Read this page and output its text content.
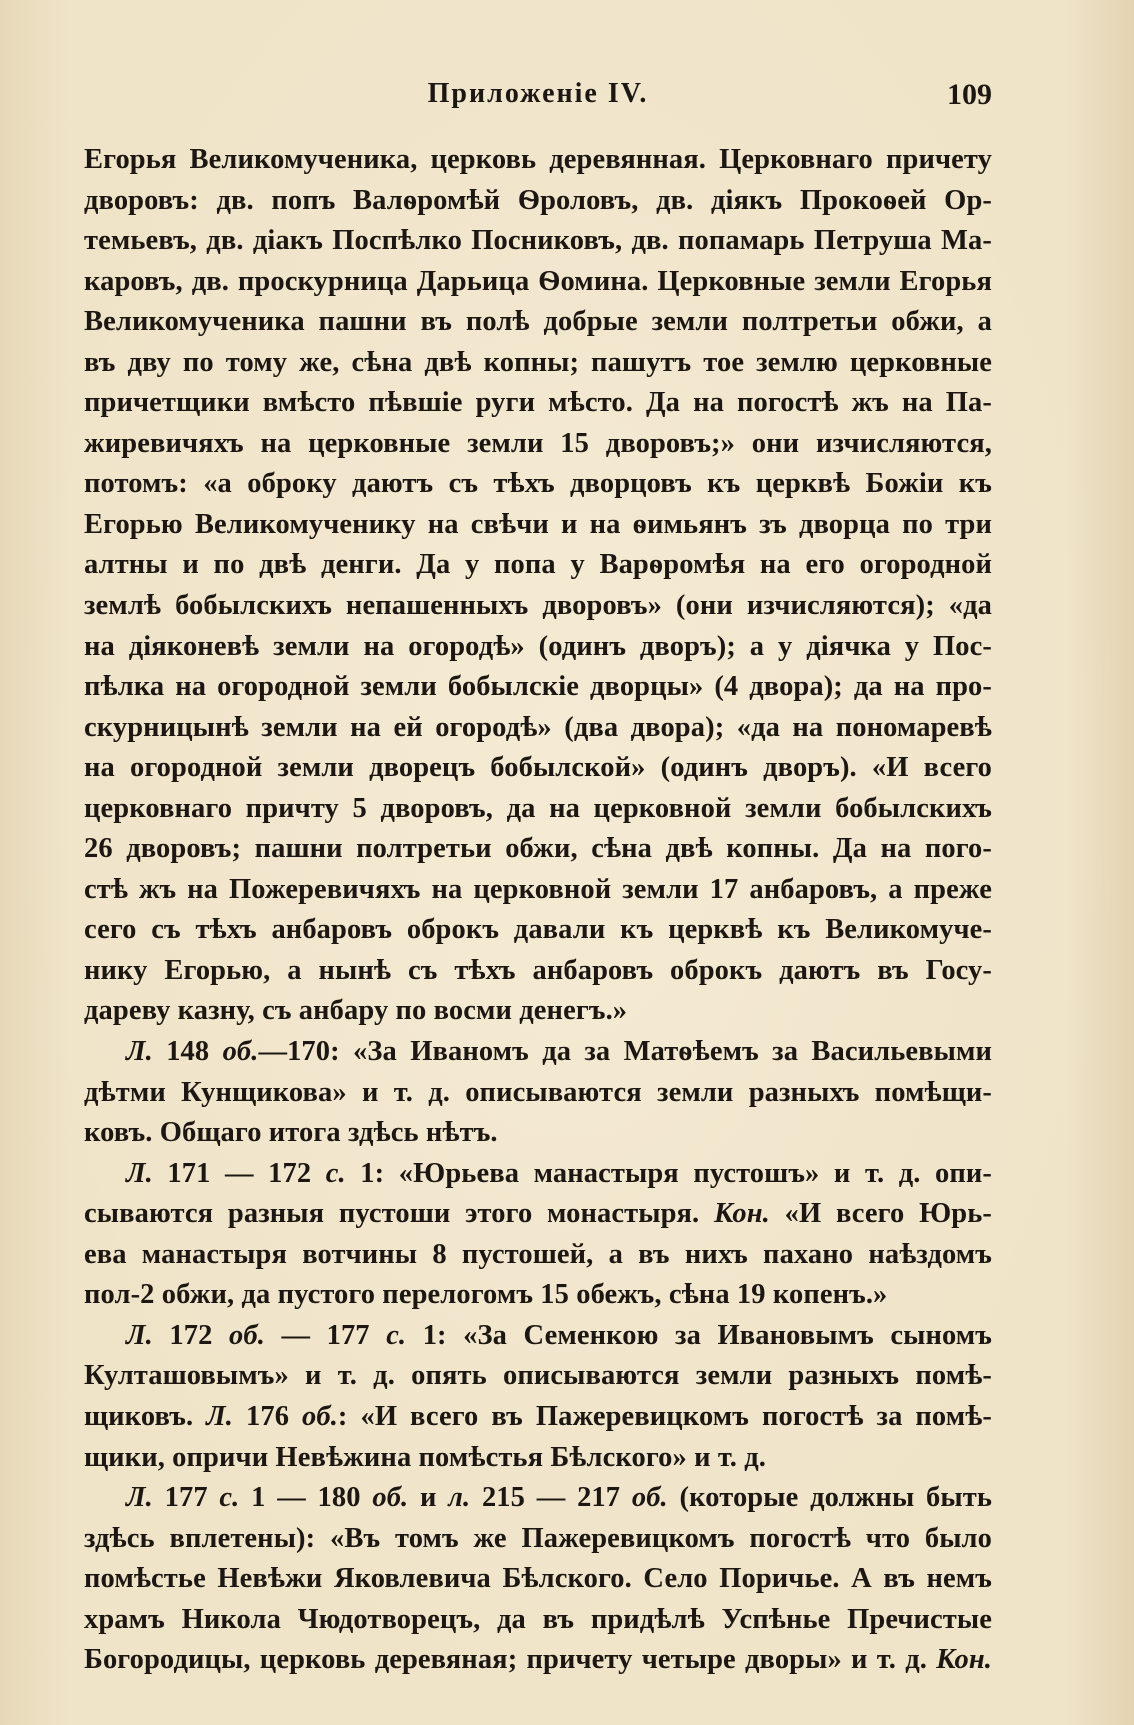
Приложеніе IV.	109
Егорья Великомученика, церковь деревянная. Церковнаго причету
дворовъ: дв. попъ Валѳромѣй Ѳроловъ, дв. діякъ Прокоѳей Ор-
темьевъ, дв. діакъ Поспѣлко Посниковъ, дв. попамарь Петруша Ма-
каровъ, дв. проскурница Дарьица Ѳомина. Церковные земли Егорья
Великомученика пашни въ полѣ добрые земли полтретьи обжи, а
въ дву по тому же, сѣна двѣ копны; пашутъ тое землю церковные
причетщики вмѣсто пѣвшіе руги мѣсто. Да на погостѣ жъ на Па-
жиревичяхъ на церковные земли 15 дворовъ;» они изчисляются,
потомъ: «а оброку даютъ съ тѣхъ дворцовъ къ церквѣ Божіи къ
Егорью Великомученику на свѣчи и на ѳимьянъ зъ дворца по три
алтны и по двѣ денги. Да у попа у Варѳромѣя на его огородной
землѣ бобылскихъ непашенныхъ дворовъ» (они изчисляются); «да
на діяконевѣ земли на огородѣ» (одинъ дворъ); а у діячка у Пос-
пѣлка на огородной земли бобылскіе дворцы» (4 двора); да на про-
скурницынѣ земли на ей огородѣ» (два двора); «да на пономаревѣ
на огородной земли дворецъ бобылской» (одинъ дворъ). «И всего
церковнаго причту 5 дворовъ, да на церковной земли бобылскихъ
26 дворовъ; пашни полтретьи обжи, сѣна двѣ копны. Да на пого-
стѣ жъ на Пожеревичяхъ на церковной земли 17 анбаровъ, а преже
сего съ тѣхъ анбаровъ оброкъ давали къ церквѣ къ Великомуче-
нику Егорью, а нынѣ съ тѣхъ анбаровъ оброкъ даютъ въ Госу-
дареву казну, съ анбару по восми денегъ.»
Л. 148 об.—170: «За Иваномъ да за Матѳѣемъ за Васильевыми
дѣтми Кунщикова» и т. д. описываются земли разныхъ помѣщи-
ковъ. Общаго итога здѣсь нѣтъ.
Л. 171 — 172 с. 1: «Юрьева манастыря пустошъ» и т. д. опи-
сываются разныя пустоши этого монастыря. Кон. «И всего Юрь-
ева манастыря вотчины 8 пустошей, а въ нихъ пахано наѣздомъ
пол-2 обжи, да пустого перелогомъ 15 обежъ, сѣна 19 копенъ.»
Л. 172 об. — 177 с. 1: «За Семенкою за Ивановымъ сыномъ
Култашовымъ» и т. д. опять описываются земли разныхъ помѣ-
щиковъ. Л. 176 об.: «И всего въ Пажеревицкомъ погостѣ за помѣ-
щики, опричи Невѣжина помѣстья Бѣлского» и т. д.
Л. 177 с. 1 — 180 об. и л. 215 — 217 об. (которые должны быть
здѣсь вплетены): «Въ томъ же Пажеревицкомъ погостѣ что было
помѣстье Невѣжи Яковлевича Бѣлского. Село Поричье. А въ немъ
храмъ Никола Чюдотворецъ, да въ придѣлѣ Успѣнье Пречистые
Богородицы, церковь деревяная; причету четыре дворы» и т. д. Кон.
